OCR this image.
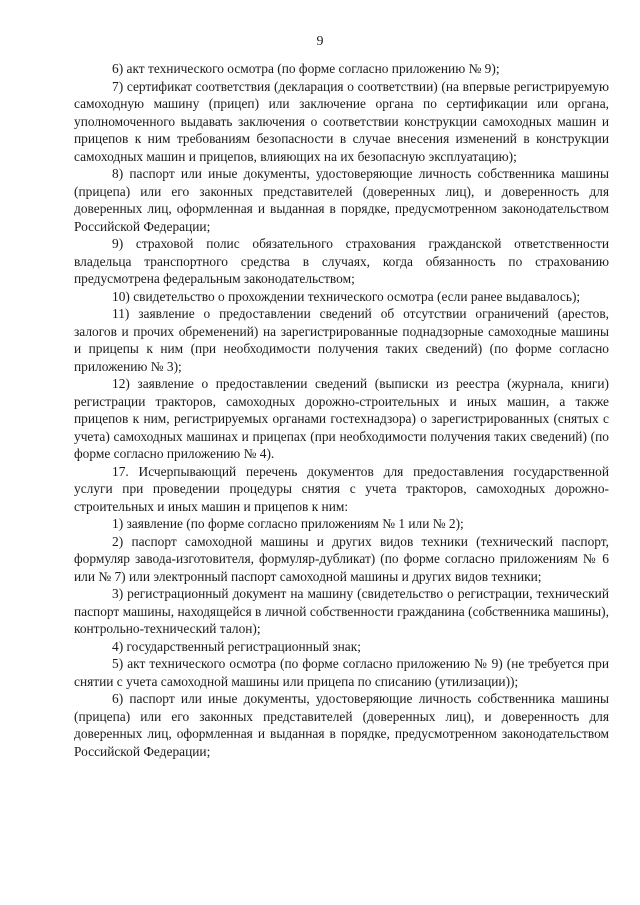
9

6) акт технического осмотра (по форме согласно приложению № 9);

7) сертификат соответствия (декларация о соответствии) (на впервые регистрируемую самоходную машину (прицеп) или заключение органа по сертификации или органа, уполномоченного выдавать заключения о соответствии конструкции самоходных машин и прицепов к ним требованиям безопасности в случае внесения изменений в конструкции самоходных машин и прицепов, влияющих на их безопасную эксплуатацию);

8) паспорт или иные документы, удостоверяющие личность собственника машины (прицепа) или его законных представителей (доверенных лиц), и доверенность для доверенных лиц, оформленная и выданная в порядке, предусмотренном законодательством Российской Федерации;

9) страховой полис обязательного страхования гражданской ответственности владельца транспортного средства в случаях, когда обязанность по страхованию предусмотрена федеральным законодательством;

10) свидетельство о прохождении технического осмотра (если ранее выдавалось);

11) заявление о предоставлении сведений об отсутствии ограничений (арестов, залогов и прочих обременений) на зарегистрированные поднадзорные самоходные машины и прицепы к ним (при необходимости получения таких сведений) (по форме согласно приложению № 3);

12) заявление о предоставлении сведений (выписки из реестра (журнала, книги) регистрации тракторов, самоходных дорожно-строительных и иных машин, а также прицепов к ним, регистрируемых органами гостехнадзора) о зарегистрированных (снятых с учета) самоходных машинах и прицепах (при необходимости получения таких сведений) (по форме согласно приложению № 4).

17. Исчерпывающий перечень документов для предоставления государственной услуги при проведении процедуры снятия с учета тракторов, самоходных дорожно-строительных и иных машин и прицепов к ним:

1) заявление (по форме согласно приложениям № 1 или № 2);

2) паспорт самоходной машины и других видов техники (технический паспорт, формуляр завода-изготовителя, формуляр-дубликат) (по форме согласно приложениям № 6 или № 7) или электронный паспорт самоходной машины и других видов техники;

3) регистрационный документ на машину (свидетельство о регистрации, технический паспорт машины, находящейся в личной собственности гражданина (собственника машины), контрольно-технический талон);

4) государственный регистрационный знак;

5) акт технического осмотра (по форме согласно приложению № 9) (не требуется при снятии с учета самоходной машины или прицепа по списанию (утилизации));

6) паспорт или иные документы, удостоверяющие личность собственника машины (прицепа) или его законных представителей (доверенных лиц), и доверенность для доверенных лиц, оформленная и выданная в порядке, предусмотренном законодательством Российской Федерации;
